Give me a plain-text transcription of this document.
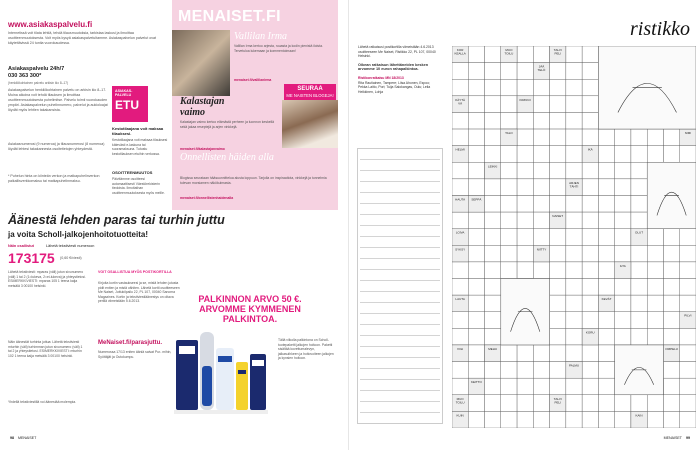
www.asiakaspalvelu.fi
Internetissä voit tilata lehtiä, tehdä tilausmuutoksia, tarkistaa laskusi ja ilmoittaa osoitteenmuutoksesta. Voit myös kysyä asiakaspalvelultamme. Asiakaspalvelun palvelut ovat käytettävissä 24 tuntia vuorokaudessa.
Asiakaspalvelu 24h/7
030 363 300*
(henkilökohtainen palvelu arkisin klo 8–17)
Asiakaspalvelun henkilökohtainen palvelu on arkisin klo 8–17. Muina aikoina voit tehdä tilauksen ja ilmoittaa osoitteenmuutoksesta puhelimitse. Palvelu toimii vuorokauden ympäri. Asiakaspalvelun puhelinnumero, palvelut ja aukioloajat löydät myös lehtien takakansista.
Asiakasnumerosi (9 numeroa) ja tilausnumerosi (8 numeroa) löydät lehtesi takakannesta osoitetietojen yhteydestä.
* Puhelun hinta on kiinteän verkon ja matkapuhelinverkon paikallisverkkomaksu tai matkapuhelinmaksu.
ASIAKAS-PALVELU
ETU
Kestotilaajana voit maksaa tilauksesi.
Kestotilaajana voit maksaa tilauksesi kätevästi e-laskuna tai suoramaksuna. Tutustu kestotilauksen etuihin verkossa.
OSOITTEENMUUTOS
Päivitämme osoitteesi automaattisesti Väestörekisterin tiedoista. Ilmoitathan osoitteenmuutoksesta myös meille.
MENAISET.FI
Vallilan Irma
Vallilan Irma kertoo arjesta, ruuasta ja kodin pienistä iloista. Tervetuloa lukemaan ja kommentoimaan!
menaiset.fi/vallilanirma
SEURAA
ME NAISTEN BLOGEJA!
Kalastajan vaimo
Kalastajan vaimo kertoo elämästä perheen ja luonnon keskellä sekä jakaa reseptejä ja arjen vinkkejä.
menaiset.fi/kalastajanvaimo
Onnellisten häiden alla
Blogissa seurataan hääsuunnittelua alusta loppuun. Tarjolla on inspiraatiota, vinkkejä ja tunnelmia tulevan morsiamen näkökulmasta.
menaiset.fi/onnellistenhaidenalla
Äänestä lehden paras tai turhin juttu
ja voita Scholl-jalkojenhoitotuotteita!
Näin osallistut	Lähetä tekstiviesti numeroon
173175 (0,60 €/viesti)
Lähetä tekstiviesti: mparas (väli) jutun sivunumero (väli) 1 tai 2 (1=lukeva, 2=ei-lukeva) ja yhteystietosi. ESIMERKKIVIESTI: mparas 105 1 teena kaija metsälä 3 00100 helsinki.
Näin äänestät turhinta juttua: Lähetä tekstiviesti mturhin (väli) turhimman jutun sivunumero (väli) 1 tai 2 ja yhteystietosi. ESIMERKKIVIESTI: mturhin 102 1 teena kaija metsälä 3 00100 helsinki.
Yhdellä tekstiviestillä voi äänestää molempia.
VOIT OSALLISTUA MYÖS POSTIKORTILLA
Kirjoita kortin vastaukseesi ja se, mistä lehden jutusta pidit eniten ja mistä vähiten. Lähetä kortti osoitteeseen Me Naiset, Juttukilpailu 22, PL 107, 00040 Sanoma Magazines. Kortin ja tekstiviestiäänestys on oltava perillä viimeistään 5.6.2013.
MeNaiset.fi/parasjuttu.
Numerossa 17/13 eniten ääniä saivat Pur- mihin, Syöttäjät ja Outokumpu.
PALKINNON ARVO 50 €. ARVOMME KYMMENEN PALKINTOA.
Tällä viikolla palkintona on Scholl-tuotepaketti jalkojen hoitoon. Paketti sisältää kovettumalevyn, jalkasuihkeen ja hoitovoiteen jalkojen ja kynsien hoitoon.
98 MENAISET
ristikko
Lähetä ratkaisusi postikortilla viimeistään 4.6.2013 osoitteeseen Me Naiset, Ristikko 22, PL 107, 00040 Helsinki.
Oikean ratkaisun lähettäneiden kesken arvomme 10 euron rahapalkintoa.
Ristikonratkaisu MN 18/2013
Rita Rautiainen, Tampere; Liisa Ahonen, Espoo; Pekka Laitio, Pori; Tuija Salokangas, Oulu; Leila Heikkinen, Lohja
KOR
KEALLA
MUO
TOILU
TALVI
PELI
JÄÄ
TELÖ
KÄYTÄ
VÄ
KIRKKO
TALO	NIMI
HELMI	IKÄ
LEIKKI
ARJEN
TÄHTI
HAUTA SEPPÄ
NAISET
LOIVA	OLUT
SYKSY	NIITTY
ILTA
LAUTA	KEVÄT
PILVI
KORU
VIILI	MEHU	OMPELU
PALMU
KEITTO
MUO
TOILU
TALVI
PELI
KUIN	KAIN
MENAISET 99
